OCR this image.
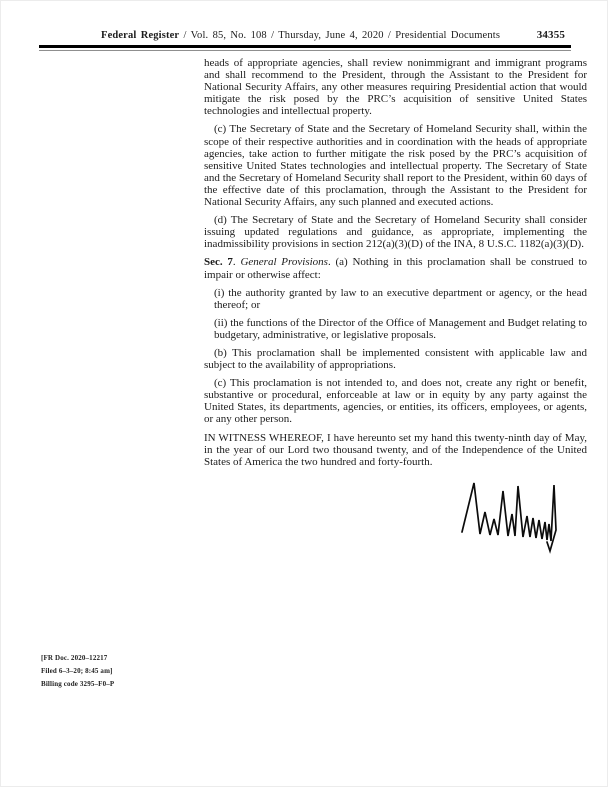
Federal Register / Vol. 85, No. 108 / Thursday, June 4, 2020 / Presidential Documents	34355

heads of appropriate agencies, shall review nonimmigrant and immigrant programs and shall recommend to the President, through the Assistant to the President for National Security Affairs, any other measures requiring Presidential action that would mitigate the risk posed by the PRC’s acquisition of sensitive United States technologies and intellectual property.

(c) The Secretary of State and the Secretary of Homeland Security shall, within the scope of their respective authorities and in coordination with the heads of appropriate agencies, take action to further mitigate the risk posed by the PRC’s acquisition of sensitive United States technologies and intellectual property. The Secretary of State and the Secretary of Homeland Security shall report to the President, within 60 days of the effective date of this proclamation, through the Assistant to the President for National Security Affairs, any such planned and executed actions.

(d) The Secretary of State and the Secretary of Homeland Security shall consider issuing updated regulations and guidance, as appropriate, implementing the inadmissibility provisions in section 212(a)(3)(D) of the INA, 8 U.S.C. 1182(a)(3)(D).

Sec. 7. General Provisions. (a) Nothing in this proclamation shall be construed to impair or otherwise affect:

(i) the authority granted by law to an executive department or agency, or the head thereof; or

(ii) the functions of the Director of the Office of Management and Budget relating to budgetary, administrative, or legislative proposals.

(b) This proclamation shall be implemented consistent with applicable law and subject to the availability of appropriations.

(c) This proclamation is not intended to, and does not, create any right or benefit, substantive or procedural, enforceable at law or in equity by any party against the United States, its departments, agencies, or entities, its officers, employees, or agents, or any other person.

IN WITNESS WHEREOF, I have hereunto set my hand this twenty-ninth day of May, in the year of our Lord two thousand twenty, and of the Independence of the United States of America the two hundred and forty-fourth.

[FR Doc. 2020–12217
Filed 6–3–20; 8:45 am]
Billing code 3295–F0–P
